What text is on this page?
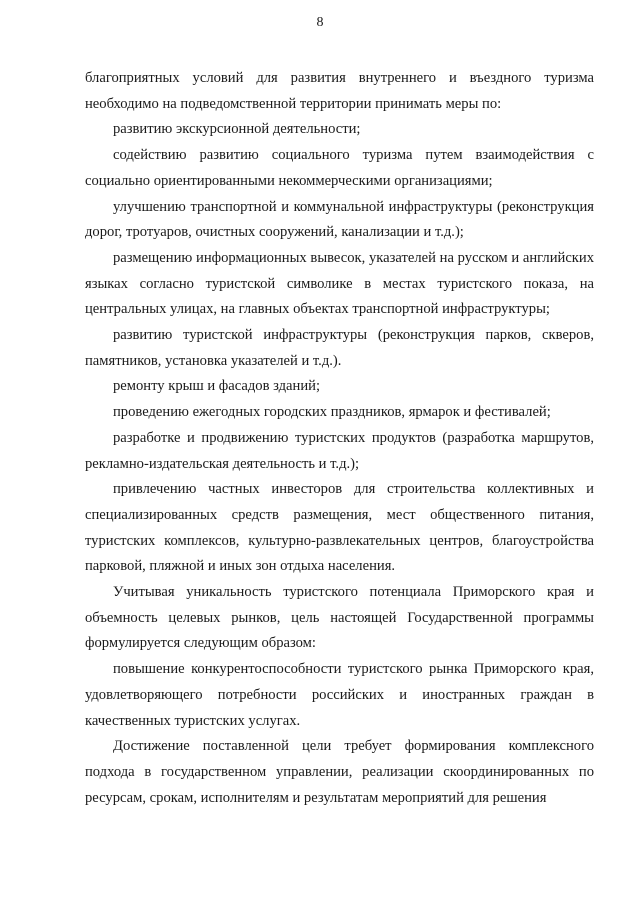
8

благоприятных условий для развития внутреннего и въездного туризма необходимо на подведомственной территории принимать меры по:

развитию экскурсионной деятельности;

содействию развитию социального туризма путем взаимодействия с социально ориентированными некоммерческими организациями;

улучшению транспортной и коммунальной инфраструктуры (реконструкция дорог, тротуаров, очистных сооружений, канализации и т.д.);

размещению информационных вывесок, указателей на русском и английских языках согласно туристской символике в местах туристского показа, на центральных улицах, на главных объектах транспортной инфраструктуры;

развитию туристской инфраструктуры (реконструкция парков, скверов, памятников, установка указателей и т.д.).

ремонту крыш и фасадов зданий;

проведению ежегодных городских праздников, ярмарок и фестивалей;

разработке и продвижению туристских продуктов (разработка маршрутов, рекламно-издательская деятельность и т.д.);

привлечению частных инвесторов для строительства коллективных и специализированных средств размещения, мест общественного питания, туристских комплексов, культурно-развлекательных центров, благоустройства парковой, пляжной и иных зон отдыха населения.

Учитывая уникальность туристского потенциала Приморского края и объемность целевых рынков, цель настоящей Государственной программы формулируется следующим образом:

повышение конкурентоспособности туристского рынка Приморского края, удовлетворяющего потребности российских и иностранных граждан в качественных туристских услугах.

Достижение поставленной цели требует формирования комплексного подхода в государственном управлении, реализации скоординированных по ресурсам, срокам, исполнителям и результатам мероприятий для решения
